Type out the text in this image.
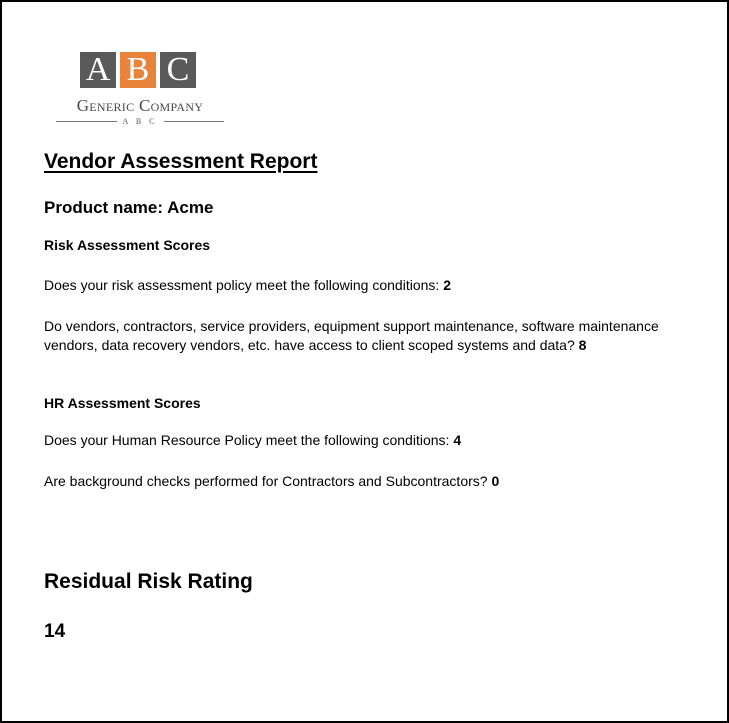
A B C
Generic Company
A B C
Vendor Assessment Report
Product name: Acme
Risk Assessment Scores

Does your risk assessment policy meet the following conditions: 2

Do vendors, contractors, service providers, equipment support maintenance, software maintenance vendors, data recovery vendors, etc. have access to client scoped systems and data? 8

HR Assessment Scores

Does your Human Resource Policy meet the following conditions: 4

Are background checks performed for Contractors and Subcontractors? 0

Residual Risk Rating
14
